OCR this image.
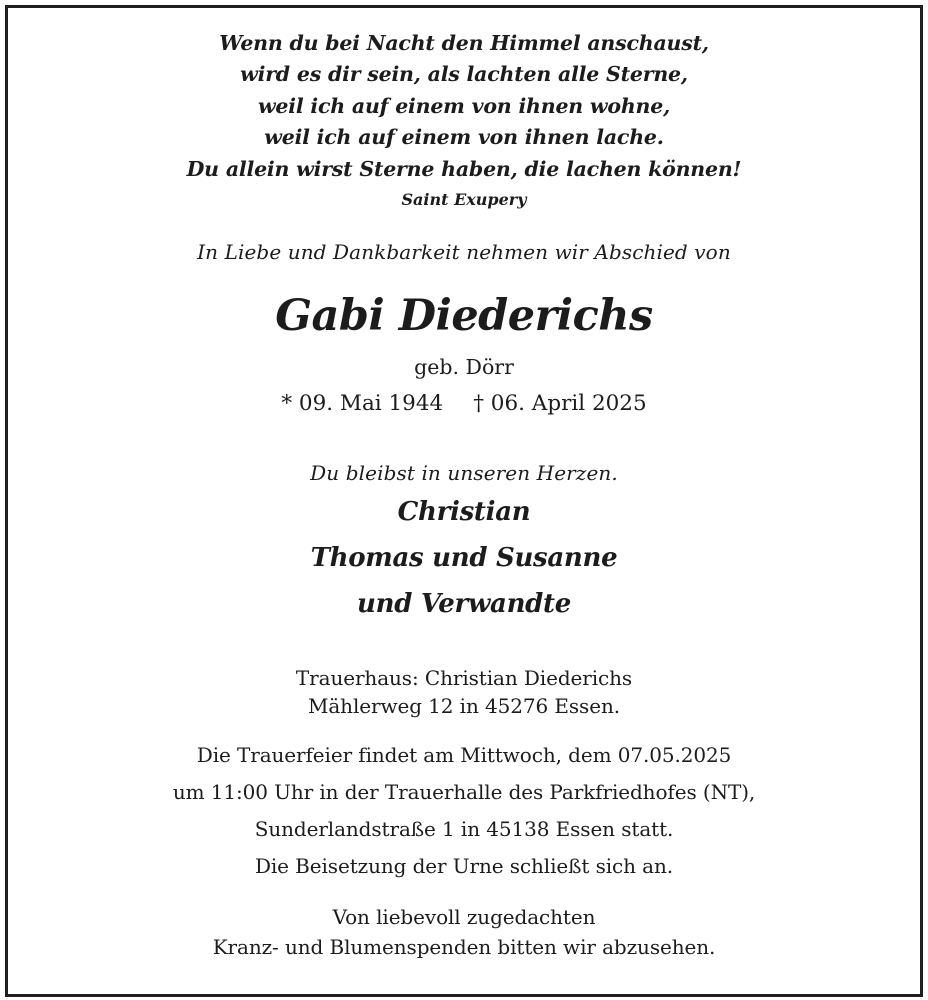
Wenn du bei Nacht den Himmel anschaust,
wird es dir sein, als lachten alle Sterne,
weil ich auf einem von ihnen wohne,
weil ich auf einem von ihnen lache.
Du allein wirst Sterne haben, die lachen können!
Saint Exupery
In Liebe und Dankbarkeit nehmen wir Abschied von
Gabi Diederichs
geb. Dörr
* 09. Mai 1944 † 06. April 2025
Du bleibst in unseren Herzen.
Christian
Thomas und Susanne
und Verwandte
Trauerhaus: Christian Diederichs
Mählerweg 12 in 45276 Essen.
Die Trauerfeier findet am Mittwoch, dem 07.05.2025
um 11:00 Uhr in der Trauerhalle des Parkfriedhofes (NT),
Sunderlandstraße 1 in 45138 Essen statt.
Die Beisetzung der Urne schließt sich an.
Von liebevoll zugedachten
Kranz- und Blumenspenden bitten wir abzusehen.
